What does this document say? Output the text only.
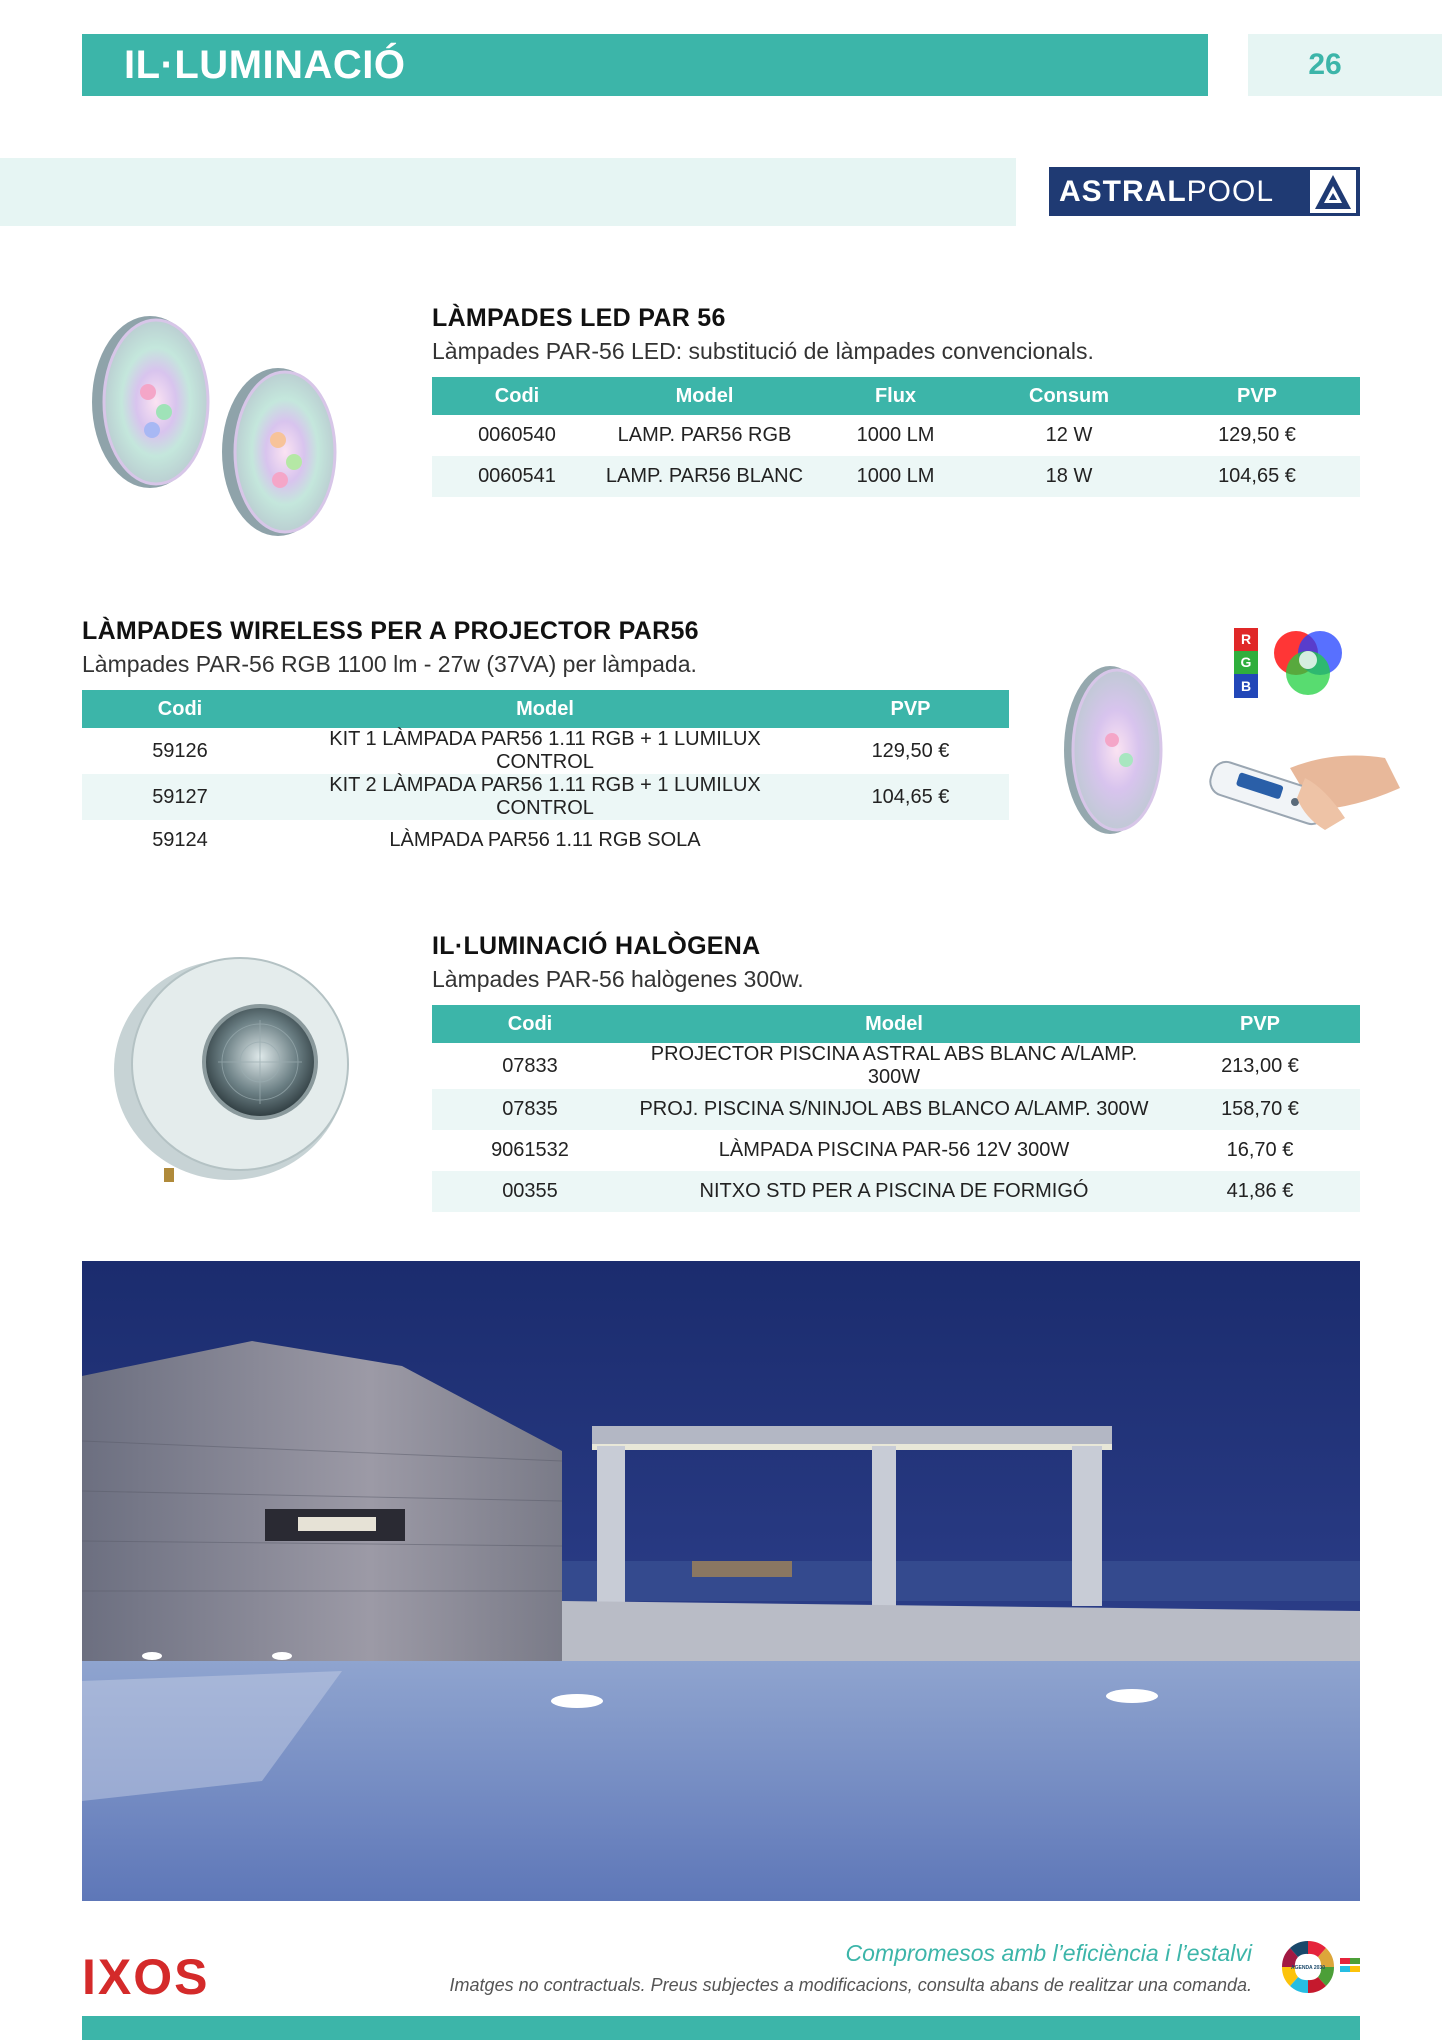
IL·LUMINACIÓ	26
ASTRALPOOL
LÀMPADES LED PAR 56
Làmpades PAR-56 LED: substitució de làmpades convencionals.
Codi	Model	Flux	Consum	PVP
0060540	LAMP. PAR56 RGB	1000 LM	12 W	129,50 €
0060541	LAMP. PAR56 BLANC	1000 LM	18 W	104,65 €
LÀMPADES WIRELESS PER A PROJECTOR PAR56
Làmpades PAR-56 RGB 1100 lm - 27w (37VA) per làmpada.
Codi	Model	PVP
59126	KIT 1 LÀMPADA PAR56 1.11 RGB + 1 LUMILUX CONTROL	129,50 €
59127	KIT 2 LÀMPADA PAR56 1.11 RGB + 1 LUMILUX CONTROL	104,65 €
59124	LÀMPADA PAR56 1.11 RGB SOLA	
R
G
B
IL·LUMINACIÓ HALÒGENA
Làmpades PAR-56 halògenes 300w.
Codi	Model	PVP
07833	PROJECTOR PISCINA ASTRAL ABS BLANC A/LAMP. 300W	213,00 €
07835	PROJ. PISCINA S/NINJOL ABS BLANCO A/LAMP. 300W	158,70 €
9061532	LÀMPADA PISCINA PAR-56 12V 300W	16,70 €
00355	NITXO STD PER A PISCINA DE FORMIGÓ	41,86 €
IXOS	Compromesos amb l’eficiència i l’estalvi
Imatges no contractuals. Preus subjectes a modificacions, consulta abans de realitzar una comanda.
AGENDA 2030
